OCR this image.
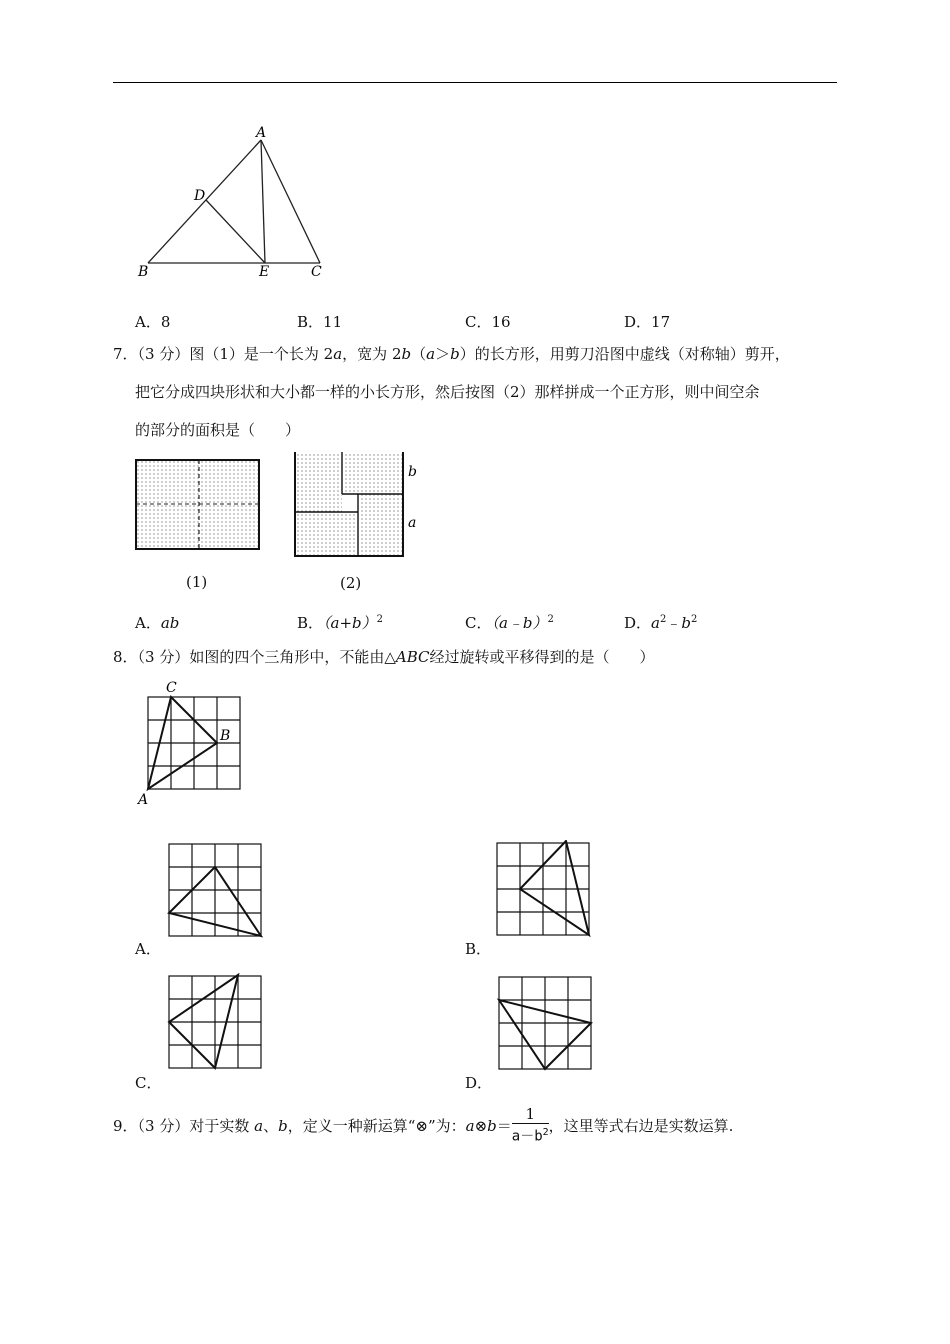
A
D
B	E	C
A．8	B．11	C．16	D．17
7．（3 分）图（1）是一个长为 2a，宽为 2b（a＞b）的长方形，用剪刀沿图中虚线（对称轴）剪开，
把它分成四块形状和大小都一样的小长方形，然后按图（2）那样拼成一个正方形，则中间空余
的部分的面积是（　　）
(1)
b
a
(2)
A．ab	B．$(a+b)^2$	C．（a﹣b）$^2$	D．$a^2﹣b^2$
8．（3 分）如图的四个三角形中，不能由△ABC经过旋转或平移得到的是（　　）
C
B
A
A．	B．
C．	D．
9．（3 分）对于实数 a、b，定义一种新运算“⊗”为：a⊗b＝ $\frac{1}{a-b^2}$ ，这里等式右边是实数运算.
